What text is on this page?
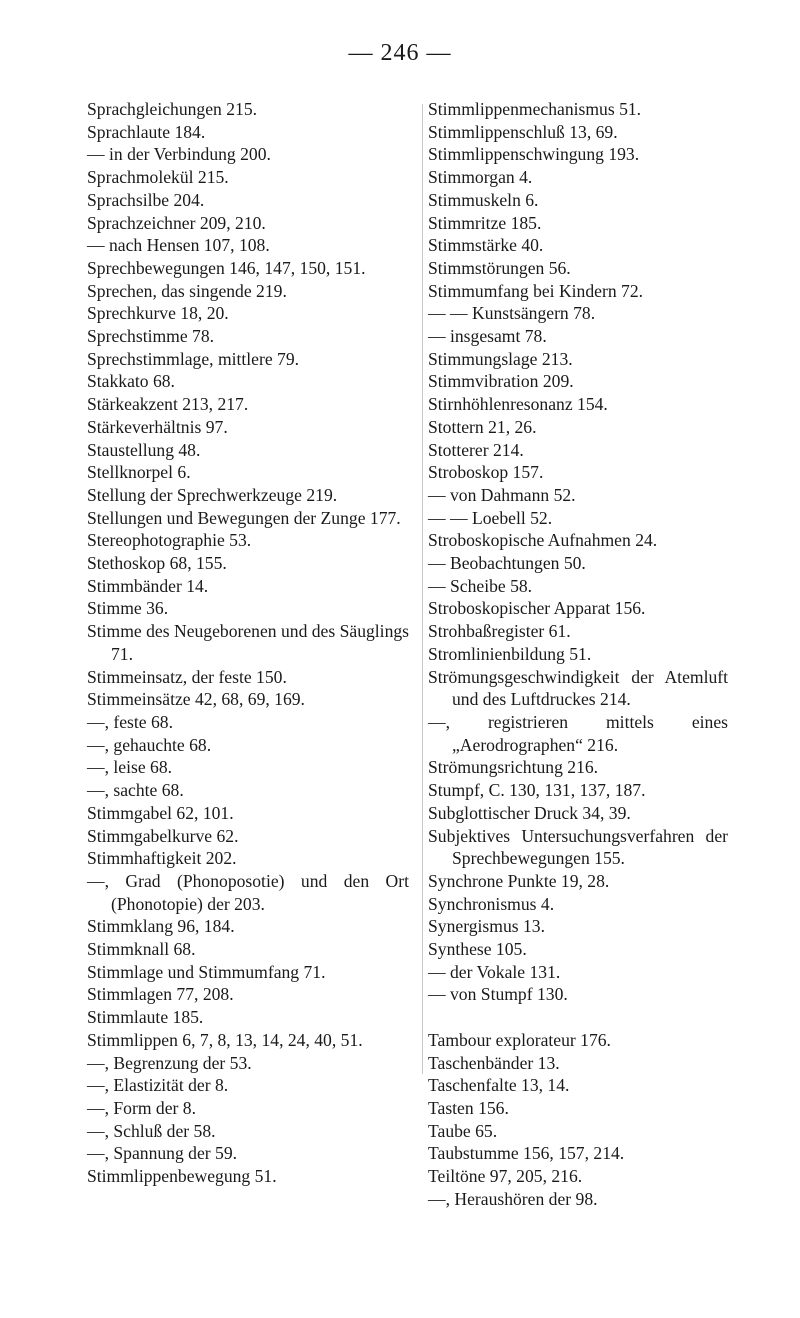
— 246 —
Sprachgleichungen 215.
Sprachlaute 184.
— in der Verbindung 200.
Sprachmolekül 215.
Sprachsilbe 204.
Sprachzeichner 209, 210.
— nach Hensen 107, 108.
Sprechbewegungen 146, 147, 150, 151.
Sprechen, das singende 219.
Sprechkurve 18, 20.
Sprechstimme 78.
Sprechstimmlage, mittlere 79.
Stakkato 68.
Stärkeakzent 213, 217.
Stärkeverhältnis 97.
Staustellung 48.
Stellknorpel 6.
Stellung der Sprechwerkzeuge 219.
Stellungen und Bewegungen der Zunge 177.
Stereophotographie 53.
Stethoskop 68, 155.
Stimmbänder 14.
Stimme 36.
Stimme des Neugeborenen und des Säuglings 71.
Stimmeinsatz, der feste 150.
Stimmeinsätze 42, 68, 69, 169.
—, feste 68.
—, gehauchte 68.
—, leise 68.
—, sachte 68.
Stimmgabel 62, 101.
Stimmgabelkurve 62.
Stimmhaftigkeit 202.
—, Grad (Phonoposotie) und den Ort (Phonotopie) der 203.
Stimmklang 96, 184.
Stimmknall 68.
Stimmlage und Stimmumfang 71.
Stimmlagen 77, 208.
Stimmlaute 185.
Stimmlippen 6, 7, 8, 13, 14, 24, 40, 51.
—, Begrenzung der 53.
—, Elastizität der 8.
—, Form der 8.
—, Schluß der 58.
—, Spannung der 59.
Stimmlippenbewegung 51.
Stimmlippenmechanismus 51.
Stimmlippenschluß 13, 69.
Stimmlippenschwingung 193.
Stimmorgan 4.
Stimmuskeln 6.
Stimmritze 185.
Stimmstärke 40.
Stimmstörungen 56.
Stimmumfang bei Kindern 72.
— — Kunstsängern 78.
— insgesamt 78.
Stimmungslage 213.
Stimmvibration 209.
Stirnhöhlenresonanz 154.
Stottern 21, 26.
Stotterer 214.
Stroboskop 157.
— von Dahmann 52.
— — Loebell 52.
Stroboskopische Aufnahmen 24.
— Beobachtungen 50.
— Scheibe 58.
Stroboskopischer Apparat 156.
Strohbaßregister 61.
Stromlinienbildung 51.
Strömungsgeschwindigkeit der Atemluft und des Luftdruckes 214.
—, registrieren mittels eines „Aerodrographen“ 216.
Strömungsrichtung 216.
Stumpf, C. 130, 131, 137, 187.
Subglottischer Druck 34, 39.
Subjektives Untersuchungsverfahren der Sprechbewegungen 155.
Synchrone Punkte 19, 28.
Synchronismus 4.
Synergismus 13.
Synthese 105.
— der Vokale 131.
— von Stumpf 130.
Tambour explorateur 176.
Taschenbänder 13.
Taschenfalte 13, 14.
Tasten 156.
Taube 65.
Taubstumme 156, 157, 214.
Teiltöne 97, 205, 216.
—, Heraushören der 98.
